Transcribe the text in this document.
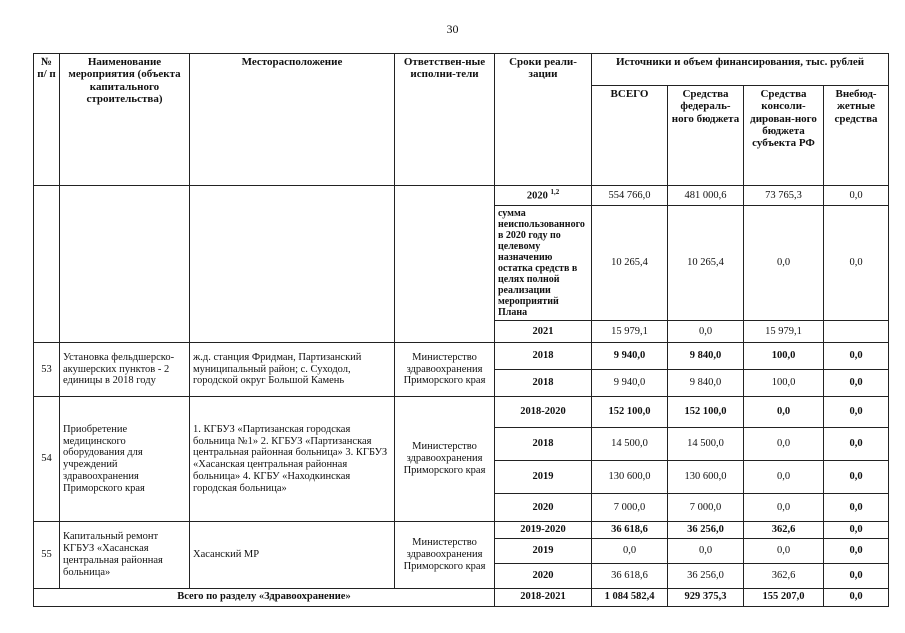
30
№ п/ п	Наименование мероприятия (объекта капитального строительства)	Месторасположение	Ответствен-ные исполни-тели	Сроки реали-зации	Источники и объем финансирования, тыс. рублей			
					ВСЕГО	Средства федераль-ного бюджета	Средства консоли-дирован-ного бюджета субъекта РФ	Внебюд-жетные средства
				2020 $^{1,2}$	554 766,0	481 000,6	73 765,3	0,0
				сумма неиспользованного в 2020 году по целевому назначению остатка средств в целях полной реализации мероприятий Плана	10 265,4	10 265,4	0,0	0,0
				2021	15 979,1	0,0	15 979,1	
53	Установка фельдшерско-акушерских пунктов - 2 единицы в 2018 году	ж.д. станция Фридман, Партизанский муниципальный район; с. Суходол, городской округ Большой Камень	Министерство здравоохранения Приморского края	2018	9 940,0	9 840,0	100,0	0,0
				2018	9 940,0	9 840,0	100,0	0,0
54	Приобретение медицинского оборудования для учреждений здравоохранения Приморского края	1. КГБУЗ «Партизанская городская больница №1» 2. КГБУЗ «Партизанская центральная районная больница» 3. КГБУЗ «Хасанская центральная районная больница» 4. КГБУ «Находкинская городская больница»	Министерство здравоохранения Приморского края	2018-2020	152 100,0	152 100,0	0,0	0,0
				2018	14 500,0	14 500,0	0,0	0,0
				2019	130 600,0	130 600,0	0,0	0,0
				2020	7 000,0	7 000,0	0,0	0,0
55	Капитальный ремонт КГБУЗ «Хасанская центральная районная больница»	Хасанский МР	Министерство здравоохранения Приморского края	2019-2020	36 618,6	36 256,0	362,6	0,0
				2019	0,0	0,0	0,0	0,0
				2020	36 618,6	36 256,0	362,6	0,0
Всего по разделу «Здравоохранение»				2018-2021	1 084 582,4	929 375,3	155 207,0	0,0
